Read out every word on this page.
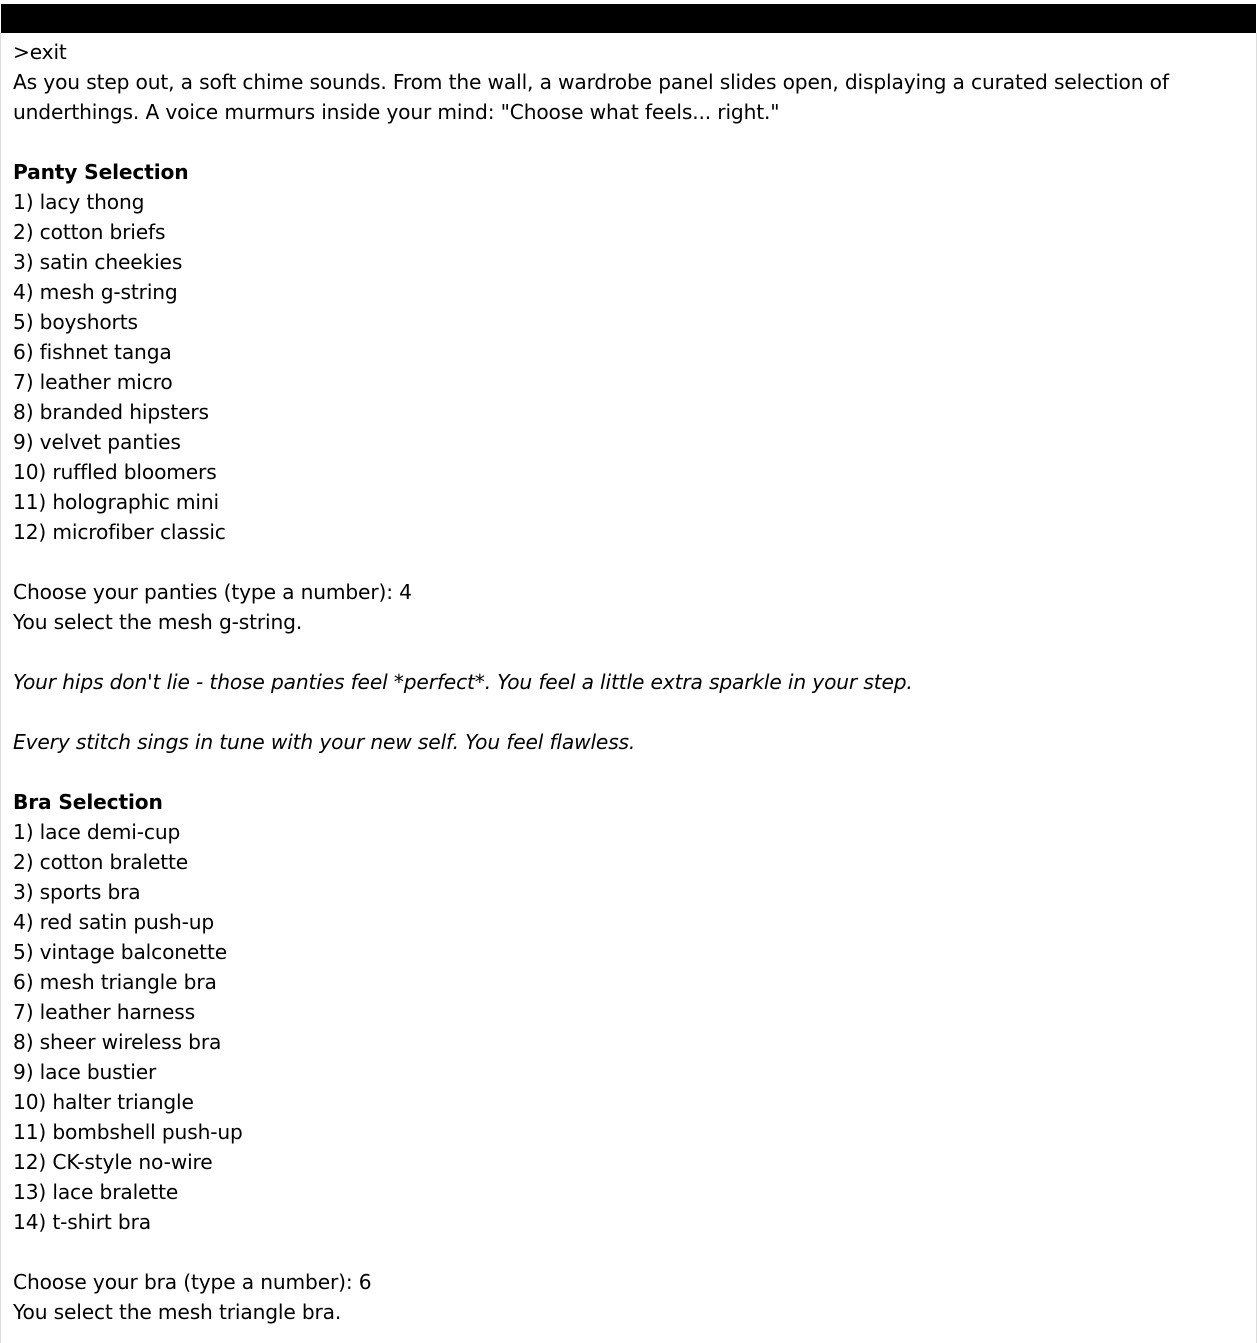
>exit
As you step out, a soft chime sounds. From the wall, a wardrobe panel slides open, displaying a curated selection of underthings. A voice murmurs inside your mind: "Choose what feels... right."
Panty Selection
1) lacy thong
2) cotton briefs
3) satin cheekies
4) mesh g-string
5) boyshorts
6) fishnet tanga
7) leather micro
8) branded hipsters
9) velvet panties
10) ruffled bloomers
11) holographic mini
12) microfiber classic
Choose your panties (type a number): 4
You select the mesh g-string.
Your hips don't lie - those panties feel *perfect*. You feel a little extra sparkle in your step.
Every stitch sings in tune with your new self. You feel flawless.
Bra Selection
1) lace demi-cup
2) cotton bralette
3) sports bra
4) red satin push-up
5) vintage balconette
6) mesh triangle bra
7) leather harness
8) sheer wireless bra
9) lace bustier
10) halter triangle
11) bombshell push-up
12) CK-style no-wire
13) lace bralette
14) t-shirt bra
Choose your bra (type a number): 6
You select the mesh triangle bra.
